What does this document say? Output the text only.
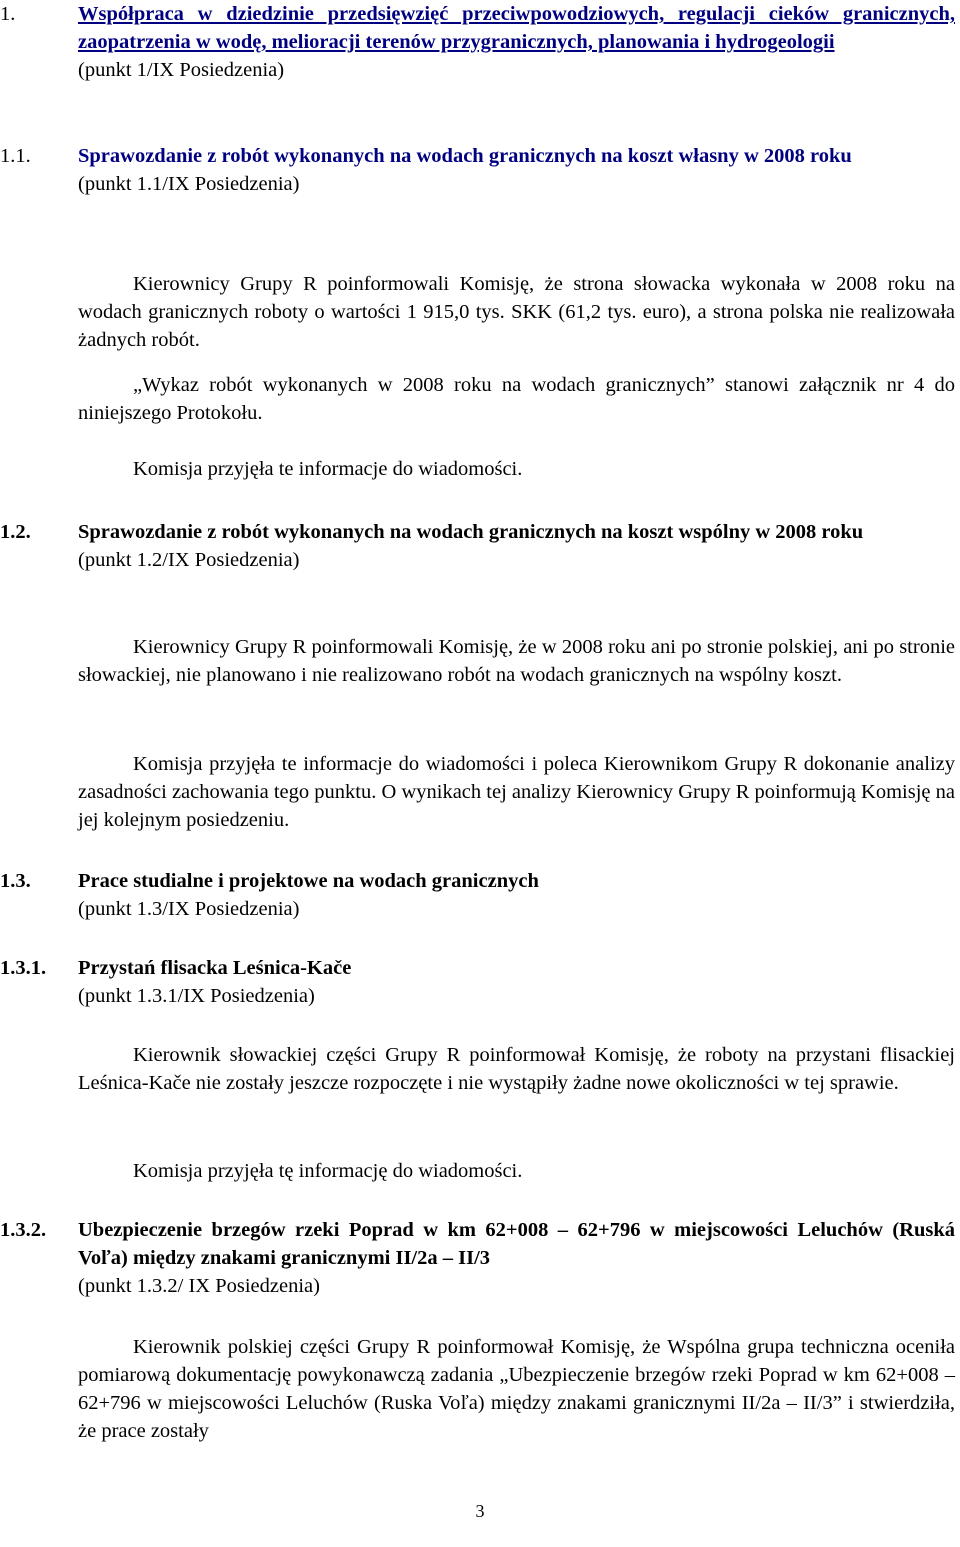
1.	Współpraca w dziedzinie przedsięwzięć przeciwpowodziowych, regulacji cieków granicznych, zaopatrzenia w wodę, melioracji terenów przygranicznych, planowania i hydrogeologii
(punkt 1/IX Posiedzenia)
1.1. Sprawozdanie z robót wykonanych na wodach granicznych na koszt własny w 2008 roku
(punkt 1.1/IX Posiedzenia)

Kierownicy Grupy R poinformowali Komisję, że strona słowacka wykonała w 2008 roku na wodach granicznych roboty o wartości 1 915,0 tys. SKK (61,2 tys. euro), a strona polska nie realizowała żadnych robót.

„Wykaz robót wykonanych w 2008 roku na wodach granicznych” stanowi załącznik nr 4 do niniejszego Protokołu.

Komisja przyjęła te informacje do wiadomości.

1.2. Sprawozdanie z robót wykonanych na wodach granicznych na koszt wspólny w 2008 roku
(punkt 1.2/IX Posiedzenia)

Kierownicy Grupy R poinformowali Komisję, że w 2008 roku ani po stronie polskiej, ani po stronie słowackiej, nie planowano i nie realizowano robót na wodach granicznych na wspólny koszt.

Komisja przyjęła te informacje do wiadomości i poleca Kierownikom Grupy R dokonanie analizy zasadności zachowania tego punktu. O wynikach tej analizy Kierownicy Grupy R poinformują Komisję na jej kolejnym posiedzeniu.

1.3. Prace studialne i projektowe na wodach granicznych
(punkt 1.3/IX Posiedzenia)
1.3.1. Przystań flisacka Leśnica-Kače
(punkt 1.3.1/IX Posiedzenia)

Kierownik słowackiej części Grupy R poinformował Komisję, że roboty na przystani flisackiej Leśnica-Kače nie zostały jeszcze rozpoczęte i nie wystąpiły żadne nowe okoliczności w tej sprawie.

Komisja przyjęła tę informację do wiadomości.

1.3.2. Ubezpieczenie brzegów rzeki Poprad w km 62+008 – 62+796 w miejscowości Leluchów (Ruská Voľa) między znakami granicznymi II/2a – II/3
(punkt 1.3.2/ IX Posiedzenia)

Kierownik polskiej części Grupy R poinformował Komisję, że Wspólna grupa techniczna oceniła pomiarową dokumentację powykonawczą zadania „Ubezpieczenie brzegów rzeki Poprad w km 62+008 – 62+796 w miejscowości Leluchów (Ruska Voľa) między znakami granicznymi II/2a – II/3” i stwierdziła, że prace zostały

3
